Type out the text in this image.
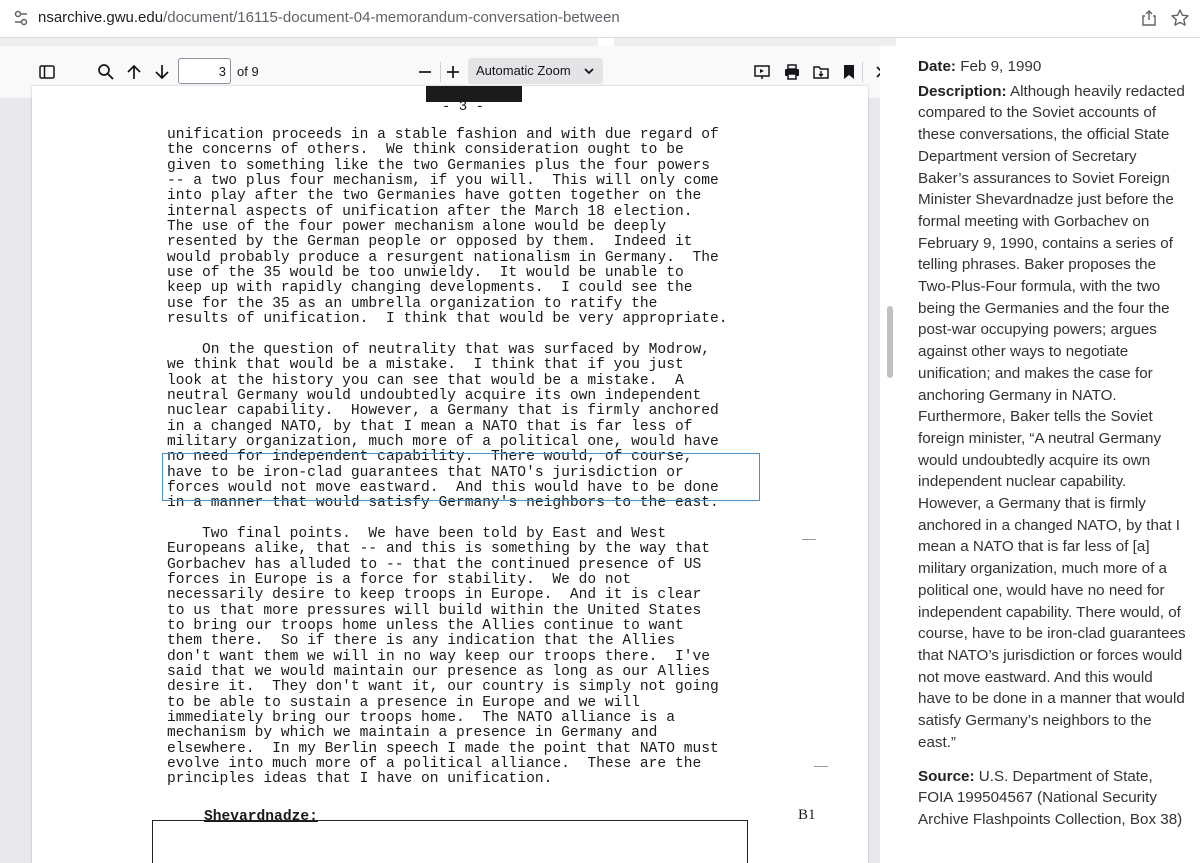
nsarchive.gwu.edu/document/16115-document-04-memorandum-conversation-between
3
of 9	Automatic Zoom
- 3 -
unification proceeds in a stable fashion and with due regard of
the concerns of others.  We think consideration ought to be
given to something like the two Germanies plus the four powers
-- a two plus four mechanism, if you will.  This will only come
into play after the two Germanies have gotten together on the
internal aspects of unification after the March 18 election.
The use of the four power mechanism alone would be deeply
resented by the German people or opposed by them.  Indeed it
would probably produce a resurgent nationalism in Germany.  The
use of the 35 would be too unwieldy.  It would be unable to
keep up with rapidly changing developments.  I could see the
use for the 35 as an umbrella organization to ratify the
results of unification.  I think that would be very appropriate.
On the question of neutrality that was surfaced by Modrow,
we think that would be a mistake.  I think that if you just
look at the history you can see that would be a mistake.  A
neutral Germany would undoubtedly acquire its own independent
nuclear capability.  However, a Germany that is firmly anchored
in a changed NATO, by that I mean a NATO that is far less of
military organization, much more of a political one, would have
no need for independent capability.  There would, of course,
have to be iron-clad guarantees that NATO's jurisdiction or
forces would not move eastward.  And this would have to be done
in a manner that would satisfy Germany's neighbors to the east.
Two final points.  We have been told by East and West
Europeans alike, that -- and this is something by the way that
Gorbachev has alluded to -- that the continued presence of US
forces in Europe is a force for stability.  We do not
necessarily desire to keep troops in Europe.  And it is clear
to us that more pressures will build within the United States
to bring our troops home unless the Allies continue to want
them there.  So if there is any indication that the Allies
don't want them we will in no way keep our troops there.  I've
said that we would maintain our presence as long as our Allies
desire it.  They don't want it, our country is simply not going
to be able to sustain a presence in Europe and we will
immediately bring our troops home.  The NATO alliance is a
mechanism by which we maintain a presence in Germany and
elsewhere.  In my Berlin speech I made the point that NATO must
evolve into much more of a political alliance.  These are the
principles ideas that I have on unification.
Shevardnadze:	B1

Date: Feb 9, 1990

Description: Although heavily redacted compared to the Soviet accounts of these conversations, the official State Department version of Secretary Baker’s assurances to Soviet Foreign Minister Shevardnadze just before the formal meeting with Gorbachev on February 9, 1990, contains a series of telling phrases. Baker proposes the Two-Plus-Four formula, with the two being the Germanies and the four the post-war occupying powers; argues against other ways to negotiate unification; and makes the case for anchoring Germany in NATO. Furthermore, Baker tells the Soviet foreign minister, “A neutral Germany would undoubtedly acquire its own independent nuclear capability. However, a Germany that is firmly anchored in a changed NATO, by that I mean a NATO that is far less of [a] military organization, much more of a political one, would have no need for independent capability. There would, of course, have to be iron-clad guarantees that NATO’s jurisdiction or forces would not move eastward. And this would have to be done in a manner that would satisfy Germany’s neighbors to the east.”

Source: U.S. Department of State, FOIA 199504567 (National Security Archive Flashpoints Collection, Box 38)
